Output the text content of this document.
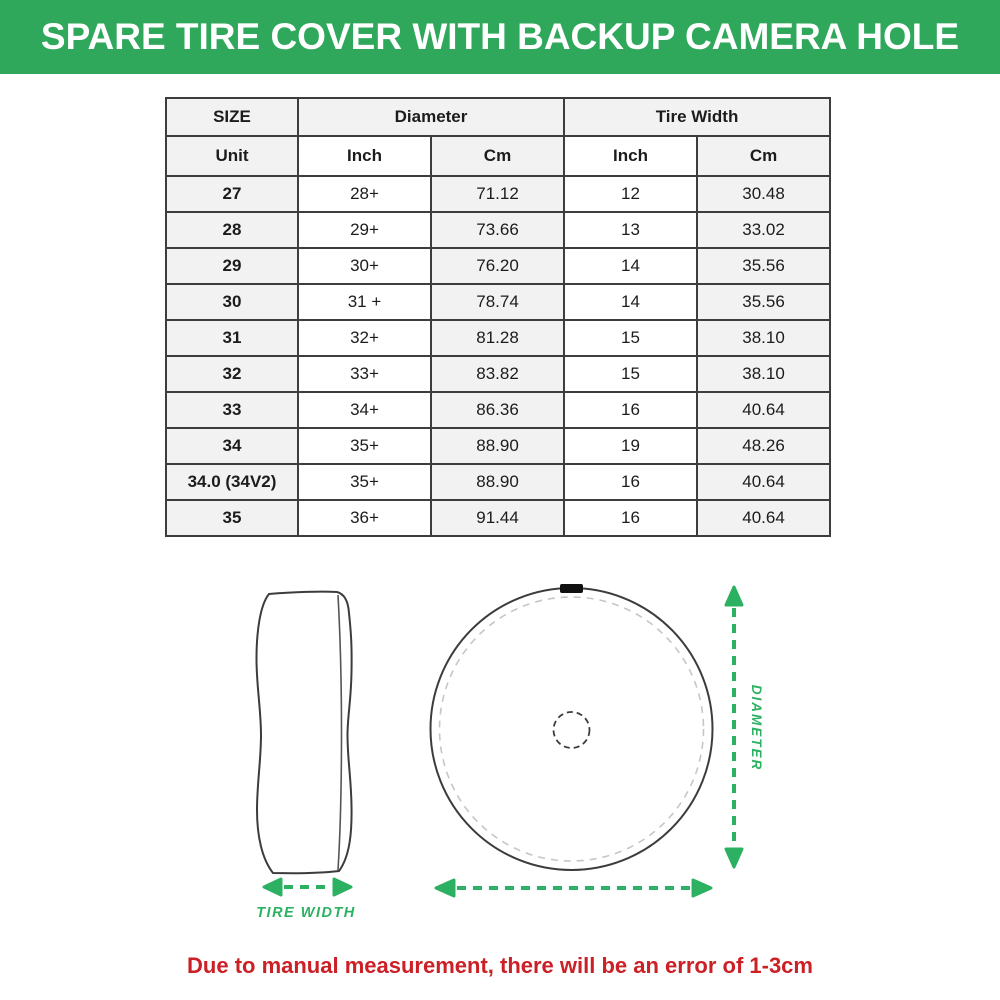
SPARE TIRE COVER WITH BACKUP CAMERA HOLE
SIZE	Diameter		Tire Width	
Unit	Inch	Cm	Inch	Cm
27	28+	71.12	12	30.48
28	29+	73.66	13	33.02
29	30+	76.20	14	35.56
30	31 +	78.74	14	35.56
31	32+	81.28	15	38.10
32	33+	83.82	15	38.10
33	34+	86.36	16	40.64
34	35+	88.90	19	48.26
34.0 (34V2)	35+	88.90	16	40.64
35	36+	91.44	16	40.64
TIRE WIDTH
DIAMETER
Due to manual measurement, there will be an error of 1-3cm
